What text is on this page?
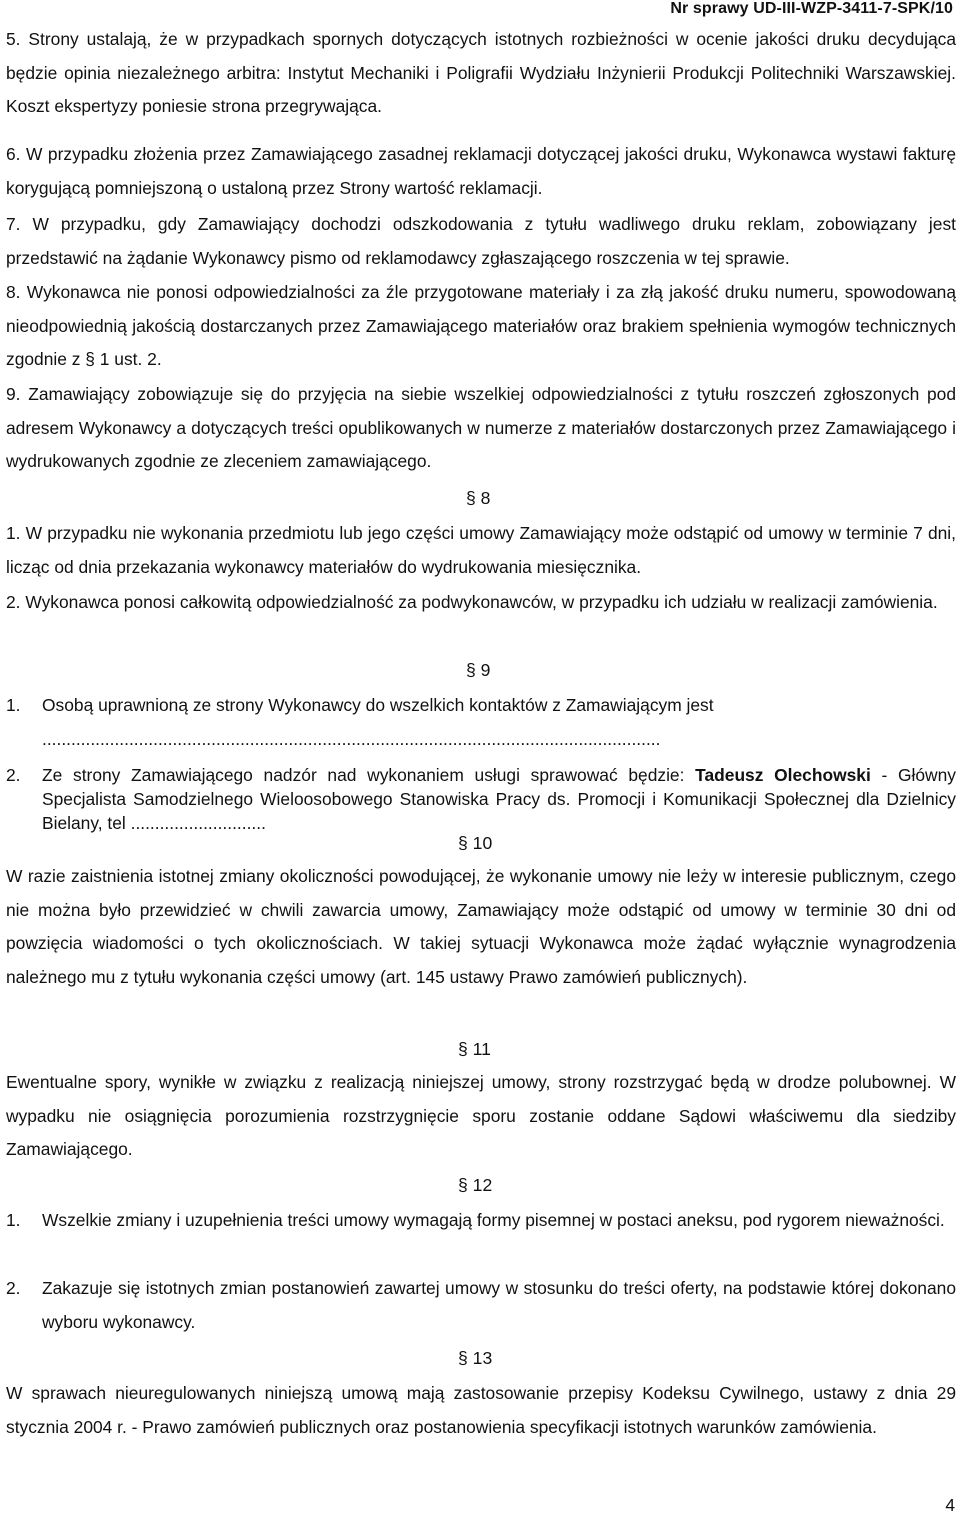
Nr sprawy UD-III-WZP-3411-7-SPK/10
5. Strony ustalają, że w przypadkach spornych dotyczących istotnych rozbieżności w ocenie jakości druku decydująca będzie opinia niezależnego arbitra: Instytut Mechaniki i Poligrafii Wydziału Inżynierii Produkcji Politechniki Warszawskiej. Koszt ekspertyzy poniesie strona przegrywająca.
6. W przypadku złożenia przez Zamawiającego zasadnej reklamacji dotyczącej jakości druku, Wykonawca wystawi fakturę korygującą pomniejszoną o ustaloną przez Strony wartość reklamacji.
7. W przypadku, gdy Zamawiający dochodzi odszkodowania z tytułu wadliwego druku reklam, zobowiązany jest przedstawić na żądanie Wykonawcy pismo od reklamodawcy zgłaszającego roszczenia w tej sprawie.
8. Wykonawca nie ponosi odpowiedzialności za źle przygotowane materiały i za złą jakość druku numeru, spowodowaną nieodpowiednią jakością dostarczanych przez Zamawiającego materiałów oraz brakiem spełnienia wymogów technicznych zgodnie z § 1 ust. 2.
9. Zamawiający zobowiązuje się do przyjęcia na siebie wszelkiej odpowiedzialności z tytułu roszczeń zgłoszonych pod adresem Wykonawcy a dotyczących treści opublikowanych w numerze z materiałów dostarczonych przez Zamawiającego i wydrukowanych zgodnie ze zleceniem zamawiającego.
§ 8
1. W przypadku nie wykonania przedmiotu lub jego części umowy Zamawiający może odstąpić od umowy w terminie 7 dni, licząc od dnia przekazania wykonawcy materiałów do wydrukowania miesięcznika.
2. Wykonawca ponosi całkowitą odpowiedzialność za podwykonawców, w przypadku ich udziału w realizacji zamówienia.
§ 9
1. Osobą uprawnioną ze strony Wykonawcy do wszelkich kontaktów z Zamawiającym jest
................................................................................................................................
2. Ze strony Zamawiającego nadzór nad wykonaniem usługi sprawować będzie: Tadeusz Olechowski - Główny Specjalista Samodzielnego Wieloosobowego Stanowiska Pracy ds. Promocji i Komunikacji Społecznej dla Dzielnicy Bielany, tel ............................
§ 10
W razie zaistnienia istotnej zmiany okoliczności powodującej, że wykonanie umowy nie leży w interesie publicznym, czego nie można było przewidzieć w chwili zawarcia umowy, Zamawiający może odstąpić od umowy w terminie 30 dni od powzięcia wiadomości o tych okolicznościach. W takiej sytuacji Wykonawca może żądać wyłącznie wynagrodzenia należnego mu z tytułu wykonania części umowy (art. 145 ustawy Prawo zamówień publicznych).
§ 11
Ewentualne spory, wynikłe w związku z realizacją niniejszej umowy, strony rozstrzygać będą w drodze polubownej. W wypadku nie osiągnięcia porozumienia rozstrzygnięcie sporu zostanie oddane Sądowi właściwemu dla siedziby Zamawiającego.
§ 12
1. Wszelkie zmiany i uzupełnienia treści umowy wymagają formy pisemnej w postaci aneksu, pod rygorem nieważności.
2. Zakazuje się istotnych zmian postanowień zawartej umowy w stosunku do treści oferty, na podstawie której dokonano wyboru wykonawcy.
§ 13
W sprawach nieuregulowanych niniejszą umową mają zastosowanie przepisy Kodeksu Cywilnego, ustawy z dnia 29 stycznia 2004 r. - Prawo zamówień publicznych oraz postanowienia specyfikacji istotnych warunków zamówienia.
4
